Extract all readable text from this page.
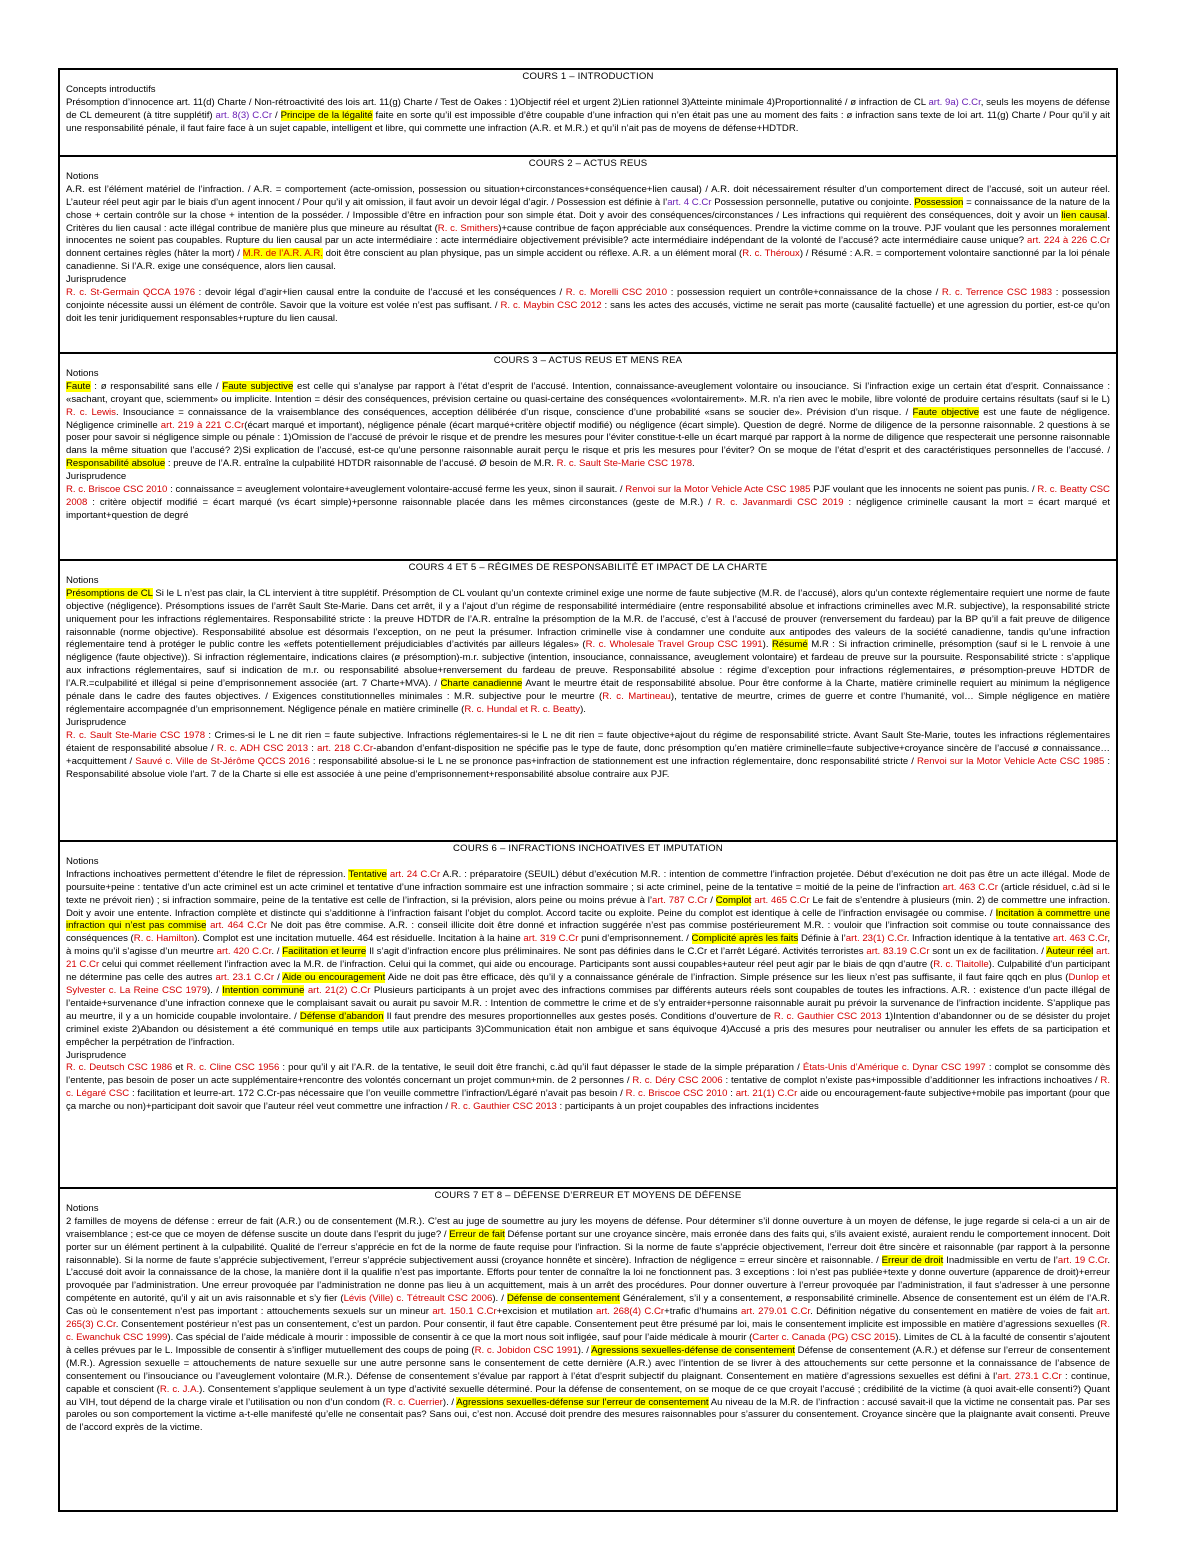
COURS 1 – INTRODUCTION
Concepts introductifs
Présomption d’innocence art. 11(d) Charte / Non-rétroactivité des lois art. 11(g) Charte / Test de Oakes : 1)Objectif réel et urgent 2)Lien rationnel 3)Atteinte minimale 4)Proportionnalité / ø infraction de CL art. 9a) C.Cr, seuls les moyens de défense de CL demeurent (à titre supplétif) art. 8(3) C.Cr / Principe de la légalité faite en sorte qu’il est impossible d’être coupable d’une infraction qui n’en était pas une au moment des faits : ø infraction sans texte de loi art. 11(g) Charte / Pour qu’il y ait une responsabilité pénale, il faut faire face à un sujet capable, intelligent et libre, qui commette une infraction (A.R. et M.R.) et qu’il n’ait pas de moyens de défense+HDTDR.
COURS 2 – ACTUS REUS
Notions
A.R. est l’élément matériel de l’infraction. / A.R. = comportement (acte-omission, possession ou situation+circonstances+conséquence+lien causal) / A.R. doit nécessairement résulter d’un comportement direct de l’accusé, soit un auteur réel. L’auteur réel peut agir par le biais d’un agent innocent / Pour qu’il y ait omission, il faut avoir un devoir légal d’agir. / Possession est définie à l’art. 4 C.Cr Possession personnelle, putative ou conjointe. Possession = connaissance de la nature de la chose + certain contrôle sur la chose + intention de la posséder. / Impossible d’être en infraction pour son simple état. Doit y avoir des conséquences/circonstances / Les infractions qui requièrent des conséquences, doit y avoir un lien causal. Critères du lien causal : acte illégal contribue de manière plus que mineure au résultat (R. c. Smithers)+cause contribue de façon appréciable aux conséquences. Prendre la victime comme on la trouve. PJF voulant que les personnes moralement innocentes ne soient pas coupables. Rupture du lien causal par un acte intermédiaire : acte intermédiaire objectivement prévisible? acte intermédiaire indépendant de la volonté de l’accusé? acte intermédiaire cause unique? art. 224 à 226 C.Cr donnent certaines règles (hâter la mort) / M.R. de l’A.R. A.R. doit être conscient au plan physique, pas un simple accident ou réflexe. A.R. a un élément moral (R. c. Théroux) / Résumé : A.R. = comportement volontaire sanctionné par la loi pénale canadienne. Si l’A.R. exige une conséquence, alors lien causal.
Jurisprudence
R. c. St-Germain QCCA 1976 : devoir légal d’agir+lien causal entre la conduite de l’accusé et les conséquences / R. c. Morelli CSC 2010 : possession requiert un contrôle+connaissance de la chose / R. c. Terrence CSC 1983 : possession conjointe nécessite aussi un élément de contrôle. Savoir que la voiture est volée n’est pas suffisant. / R. c. Maybin CSC 2012 : sans les actes des accusés, victime ne serait pas morte (causalité factuelle) et une agression du portier, est-ce qu’on doit les tenir juridiquement responsables+rupture du lien causal.
COURS 3 – ACTUS REUS ET MENS REA
Notions
Faute : ø responsabilité sans elle / Faute subjective est celle qui s’analyse par rapport à l’état d’esprit de l’accusé. Intention, connaissance-aveuglement volontaire ou insouciance. Si l’infraction exige un certain état d’esprit. Connaissance : «sachant, croyant que, sciemment» ou implicite. Intention = désir des conséquences, prévision certaine ou quasi-certaine des conséquences «volontairement». M.R. n’a rien avec le mobile, libre volonté de produire certains résultats (sauf si le L) R. c. Lewis. Insouciance = connaissance de la vraisemblance des conséquences, acception délibérée d’un risque, conscience d’une probabilité «sans se soucier de». Prévision d’un risque. / Faute objective est une faute de négligence. Négligence criminelle art. 219 à 221 C.Cr(écart marqué et important), négligence pénale (écart marqué+critère objectif modifié) ou négligence (écart simple). Question de degré. Norme de diligence de la personne raisonnable. 2 questions à se poser pour savoir si négligence simple ou pénale : 1)Omission de l’accusé de prévoir le risque et de prendre les mesures pour l’éviter constitue-t-elle un écart marqué par rapport à la norme de diligence que respecterait une personne raisonnable dans la même situation que l’accusé? 2)Si explication de l’accusé, est-ce qu’une personne raisonnable aurait perçu le risque et pris les mesures pour l’éviter? On se moque de l’état d’esprit et des caractéristiques personnelles de l’accusé. / Responsabilité absolue : preuve de l’A.R. entraîne la culpabilité HDTDR raisonnable de l’accusé. Ø besoin de M.R. R. c. Sault Ste-Marie CSC 1978.
Jurisprudence
R. c. Briscoe CSC 2010 : connaissance = aveuglement volontaire+aveuglement volontaire-accusé ferme les yeux, sinon il saurait. / Renvoi sur la Motor Vehicle Acte CSC 1985 PJF voulant que les innocents ne soient pas punis. / R. c. Beatty CSC 2008 : critère objectif modifié = écart marqué (vs écart simple)+personne raisonnable placée dans les mêmes circonstances (geste de M.R.) / R. c. Javanmardi CSC 2019 : négligence criminelle causant la mort = écart marqué et important+question de degré
COURS 4 ET 5 – RÉGIMES DE RESPONSABILITÉ ET IMPACT DE LA CHARTE
Notions
Présomptions de CL Si le L n’est pas clair, la CL intervient à titre supplétif. Présomption de CL voulant qu’un contexte criminel exige une norme de faute subjective (M.R. de l’accusé), alors qu’un contexte réglementaire requiert une norme de faute objective (négligence). Présomptions issues de l’arrêt Sault Ste-Marie. Dans cet arrêt, il y a l’ajout d’un régime de responsabilité intermédiaire (entre responsabilité absolue et infractions criminelles avec M.R. subjective), la responsabilité stricte uniquement pour les infractions réglementaires. Responsabilité stricte : la preuve HDTDR de l’A.R. entraîne la présomption de la M.R. de l’accusé, c’est à l’accusé de prouver (renversement du fardeau) par la BP qu’il a fait preuve de diligence raisonnable (norme objective). Responsabilité absolue est désormais l’exception, on ne peut la présumer. Infraction criminelle vise à condamner une conduite aux antipodes des valeurs de la société canadienne, tandis qu’une infraction réglementaire tend à protéger le public contre les «effets potentiellement préjudiciables d’activités par ailleurs légales» (R. c. Wholesale Travel Group CSC 1991). Résumé M.R : Si infraction criminelle, présomption (sauf si le L renvoie à une négligence (faute objective)). Si infraction réglementaire, indications claires (ø présomption)-m.r. subjective (intention, insouciance, connaissance, aveuglement volontaire) et fardeau de preuve sur la poursuite. Responsabilité stricte : s’applique aux infractions réglementaires, sauf si indication de m.r. ou responsabilité absolue+renversement du fardeau de preuve. Responsabilité absolue : régime d’exception pour infractions réglementaires, ø présomption-preuve HDTDR de l’A.R.=culpabilité et illégal si peine d’emprisonnement associée (art. 7 Charte+MVA). / Charte canadienne Avant le meurtre était de responsabilité absolue. Pour être conforme à la Charte, matière criminelle requiert au minimum la négligence pénale dans le cadre des fautes objectives. / Exigences constitutionnelles minimales : M.R. subjective pour le meurtre (R. c. Martineau), tentative de meurtre, crimes de guerre et contre l’humanité, vol… Simple négligence en matière réglementaire accompagnée d’un emprisonnement. Négligence pénale en matière criminelle (R. c. Hundal et R. c. Beatty).
Jurisprudence
R. c. Sault Ste-Marie CSC 1978 : Crimes-si le L ne dit rien = faute subjective. Infractions réglementaires-si le L ne dit rien = faute objective+ajout du régime de responsabilité stricte. Avant Sault Ste-Marie, toutes les infractions réglementaires étaient de responsabilité absolue / R. c. ADH CSC 2013 : art. 218 C.Cr-abandon d’enfant-disposition ne spécifie pas le type de faute, donc présomption qu’en matière criminelle=faute subjective+croyance sincère de l’accusé ø connaissance…+acquittement / Sauvé c. Ville de St-Jérôme QCCS 2016 : responsabilité absolue-si le L ne se prononce pas+infraction de stationnement est une infraction réglementaire, donc responsabilité stricte / Renvoi sur la Motor Vehicle Acte CSC 1985 : Responsabilité absolue viole l’art. 7 de la Charte si elle est associée à une peine d’emprisonnement+responsabilité absolue contraire aux PJF.
COURS 6 – INFRACTIONS INCHOATIVES ET IMPUTATION
Notions
Infractions inchoatives permettent d’étendre le filet de répression. Tentative art. 24 C.Cr A.R. : préparatoire (SEUIL) début d’exécution M.R. : intention de commettre l’infraction projetée. Début d’exécution ne doit pas être un acte illégal. Mode de poursuite+peine : tentative d’un acte criminel est un acte criminel et tentative d’une infraction sommaire est une infraction sommaire ; si acte criminel, peine de la tentative = moitié de la peine de l’infraction art. 463 C.Cr (article résiduel, c.àd si le texte ne prévoit rien) ; si infraction sommaire, peine de la tentative est celle de l’infraction, si la prévision, alors peine ou moins prévue à l’art. 787 C.Cr / Complot art. 465 C.Cr Le fait de s’entendre à plusieurs (min. 2) de commettre une infraction. Doit y avoir une entente. Infraction complète et distincte qui s’additionne à l’infraction faisant l’objet du complot. Accord tacite ou exploite. Peine du complot est identique à celle de l’infraction envisagée ou commise. / Incitation à commettre une infraction qui n’est pas commise art. 464 C.Cr Ne doit pas être commise. A.R. : conseil illicite doit être donné et infraction suggérée n’est pas commise postérieurement M.R. : vouloir que l’infraction soit commise ou toute connaissance des conséquences (R. c. Hamilton). Complot est une incitation mutuelle. 464 est résiduelle. Incitation à la haine art. 319 C.Cr puni d’emprisonnement. / Complicité après les faits Définie à l’art. 23(1) C.Cr. Infraction identique à la tentative art. 463 C.Cr, à moins qu’il s’agisse d’un meurtre art. 420 C.Cr. / Facilitation et leurre Il s’agit d’infraction encore plus préliminaires. Ne sont pas définies dans le C.Cr et l’arrêt Légaré. Activités terroristes art. 83.19 C.Cr sont un ex de facilitation. / Auteur réel art. 21 C.Cr celui qui commet réellement l’infraction avec la M.R. de l’infraction. Celui qui la commet, qui aide ou encourage. Participants sont aussi coupables+auteur réel peut agir par le biais de qqn d’autre (R. c. Tlaitolle). Culpabilité d’un participant ne détermine pas celle des autres art. 23.1 C.Cr / Aide ou encouragement Aide ne doit pas être efficace, dès qu’il y a connaissance générale de l’infraction. Simple présence sur les lieux n’est pas suffisante, il faut faire qqch en plus (Dunlop et Sylvester c. La Reine CSC 1979). / Intention commune art. 21(2) C.Cr Plusieurs participants à un projet avec des infractions commises par différents auteurs réels sont coupables de toutes les infractions. A.R. : existence d’un pacte illégal de l’entaide+survenance d’une infraction connexe que le complaisant savait ou aurait pu savoir M.R. : Intention de commettre le crime et de s’y entraider+personne raisonnable aurait pu prévoir la survenance de l’infraction incidente. S’applique pas au meurtre, il y a un homicide coupable involontaire. / Défense d’abandon Il faut prendre des mesures proportionnelles aux gestes posés. Conditions d’ouverture de R. c. Gauthier CSC 2013 1)Intention d’abandonner ou de se désister du projet criminel existe 2)Abandon ou désistement a été communiqué en temps utile aux participants 3)Communication était non ambigue et sans équivoque 4)Accusé a pris des mesures pour neutraliser ou annuler les effets de sa participation et empêcher la perpétration de l’infraction.
Jurisprudence
R. c. Deutsch CSC 1986 et R. c. Cline CSC 1956 : pour qu’il y ait l’A.R. de la tentative, le seuil doit être franchi, c.àd qu’il faut dépasser le stade de la simple préparation / États-Unis d’Amérique c. Dynar CSC 1997 : complot se consomme dès l’entente, pas besoin de poser un acte supplémentaire+rencontre des volontés concernant un projet commun+min. de 2 personnes / R. c. Déry CSC 2006 : tentative de complot n’existe pas+impossible d’additionner les infractions inchoatives / R. c. Légaré CSC : facilitation et leurre-art. 172 C.Cr-pas nécessaire que l’on veuille commettre l’infraction/Légaré n’avait pas besoin / R. c. Briscoe CSC 2010 : art. 21(1) C.Cr aide ou encouragement-faute subjective+mobile pas important (pour que ça marche ou non)+participant doit savoir que l’auteur réel veut commettre une infraction / R. c. Gauthier CSC 2013 : participants à un projet coupables des infractions incidentes
COURS 7 ET 8 – DÉFENSE D’ERREUR ET MOYENS DE DÉFENSE
Notions
2 familles de moyens de défense : erreur de fait (A.R.) ou de consentement (M.R.). C’est au juge de soumettre au jury les moyens de défense. Pour déterminer s’il donne ouverture à un moyen de défense, le juge regarde si cela-ci a un air de vraisemblance ; est-ce que ce moyen de défense suscite un doute dans l’esprit du juge? / Erreur de fait Défense portant sur une croyance sincère, mais erronée dans des faits qui, s’ils avaient existé, auraient rendu le comportement innocent. Doit porter sur un élément pertinent à la culpabilité. Qualité de l’erreur s’apprécie en fct de la norme de faute requise pour l’infraction. Si la norme de faute s’apprécie objectivement, l’erreur doit être sincère et raisonnable (par rapport à la personne raisonnable). Si la norme de faute s’apprécie subjectivement, l’erreur s’apprécie subjectivement aussi (croyance honnête et sincère). Infraction de négligence = erreur sincère et raisonnable. / Erreur de droit Inadmissible en vertu de l’art. 19 C.Cr. L’accusé doit avoir la connaissance de la chose, la manière dont il la qualifie n’est pas importante. Efforts pour tenter de connaître la loi ne fonctionnent pas. 3 exceptions : loi n’est pas publiée+texte y donne ouverture (apparence de droit)+erreur provoquée par l’administration. Une erreur provoquée par l’administration ne donne pas lieu à un acquittement, mais à un arrêt des procédures. Pour donner ouverture à l’erreur provoquée par l’administration, il faut s’adresser à une personne compétente en autorité, qu’il y ait un avis raisonnable et s’y fier (Lévis (Ville) c. Tétreault CSC 2006). / Défense de consentement Généralement, s’il y a consentement, ø responsabilité criminelle. Absence de consentement est un élém de l’A.R. Cas où le consentement n’est pas important : attouchements sexuels sur un mineur art. 150.1 C.Cr+excision et mutilation art. 268(4) C.Cr+trafic d’humains art. 279.01 C.Cr. Définition négative du consentement en matière de voies de fait art. 265(3) C.Cr. Consentement postérieur n’est pas un consentement, c’est un pardon. Pour consentir, il faut être capable. Consentement peut être présumé par loi, mais le consentement implicite est impossible en matière d’agressions sexuelles (R. c. Ewanchuk CSC 1999). Cas spécial de l’aide médicale à mourir : impossible de consentir à ce que la mort nous soit infligée, sauf pour l’aide médicale à mourir (Carter c. Canada (PG) CSC 2015). Limites de CL à la faculté de consentir s’ajoutent à celles prévues par le L. Impossible de consentir à s’infliger mutuellement des coups de poing (R. c. Jobidon CSC 1991). / Agressions sexuelles-défense de consentement Défense de consentement (A.R.) et défense sur l’erreur de consentement (M.R.). Agression sexuelle = attouchements de nature sexuelle sur une autre personne sans le consentement de cette dernière (A.R.) avec l’intention de se livrer à des attouchements sur cette personne et la connaissance de l’absence de consentement ou l’insouciance ou l’aveuglement volontaire (M.R.). Défense de consentement s’évalue par rapport à l’état d’esprit subjectif du plaignant. Consentement en matière d’agressions sexuelles est défini à l’art. 273.1 C.Cr : continue, capable et conscient (R. c. J.A.). Consentement s’applique seulement à un type d’activité sexuelle déterminé. Pour la défense de consentement, on se moque de ce que croyait l’accusé ; crédibilité de la victime (à quoi avait-elle consenti?) Quant au VIH, tout dépend de la charge virale et l’utilisation ou non d’un condom (R. c. Cuerrier). / Agressions sexuelles-défense sur l’erreur de consentement Au niveau de la M.R. de l’infraction : accusé savait-il que la victime ne consentait pas. Par ses paroles ou son comportement la victime a-t-elle manifesté qu’elle ne consentait pas? Sans oui, c’est non. Accusé doit prendre des mesures raisonnables pour s’assurer du consentement. Croyance sincère que la plaignante avait consenti. Preuve de l’accord exprès de la victime.
